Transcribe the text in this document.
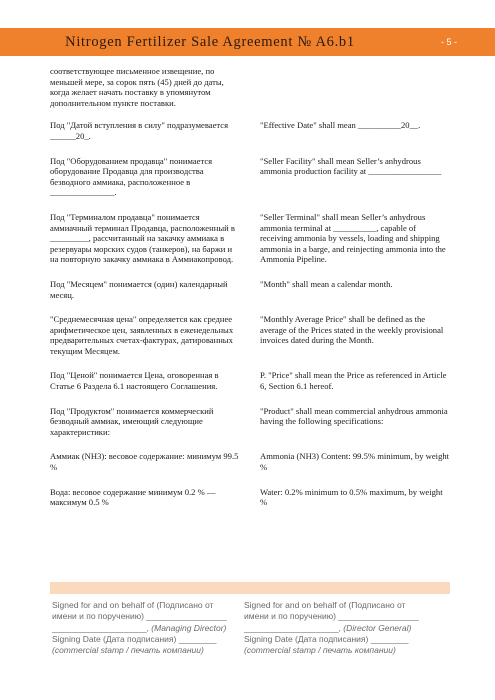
Nitrogen Fertilizer Sale Agreement № A6.b1	- 5 -
соответствующее письменное извещение, по меньшей мере, за сорок пять (45) дней до даты, когда желает начать поставку в упомянутом дополнительном пункте поставки.
Под "Датой вступления в силу" подразумевается ______20_.
"Effective Date" shall mean __________20__.
Под "Оборудованием продавца" понимается оборудование Продавца для производства безводного аммиака, расположенное в _______________.
"Seller Facility" shall mean Seller’s anhydrous ammonia production facility at _________________
Под "Терминалом продавца" понимается аммиачный терминал Продавца, расположенный в _________, рассчитанный на закачку аммиака в резервуары морских судов (танкеров), на баржи и на повторную закачку аммиака в Аммиакопровод.
"Seller Terminal" shall mean Seller’s anhydrous ammonia terminal at __________, capable of receiving ammonia by vessels, loading and shipping ammonia in a barge, and reinjecting ammonia into the Ammonia Pipeline.
Под "Месяцем" понимается (один) календарный месяц.
"Month" shall mean a calendar month.
"Среднемесячная цена" определяется как среднее арифметическое цен, заявленных в еженедельных предварительных счетах-фактурах, датированных текущим Месяцем.
"Monthly Average Price" shall be defined as the average of the Prices stated in the weekly provisional invoices dated during the Month.
Под "Ценой" понимается Цена, оговоренная в Статье 6 Раздела 6.1 настоящего Соглашения.
P. "Price" shall mean the Price as referenced in Article 6, Section 6.1 hereof.
Под "Продуктом" понимается коммерческий безводный аммиак, имеющий следующие характеристики:
"Product" shall mean commercial anhydrous ammonia having the following specifications:
Аммиак (NH3): весовое содержание: минимум 99.5 %
Ammonia (NH3) Content: 99.5% minimum, by weight %
Вода: весовое содержание минимум 0.2 % — максимум 0.5 %
Water: 0.2% minimum to 0.5% maximum, by weight %
Signed for and on behalf of (Подписано от
имени и по поручению) _________________
____________________, (Managing Director)
Signing Date (Дата подписания) ________
(commercial stamp / печать компании)
Signed for and on behalf of (Подписано от
имени и по поручению) _________________
____________________, (Director General)
Signing Date (Дата подписания) ________
(commercial stamp / печать компании)
